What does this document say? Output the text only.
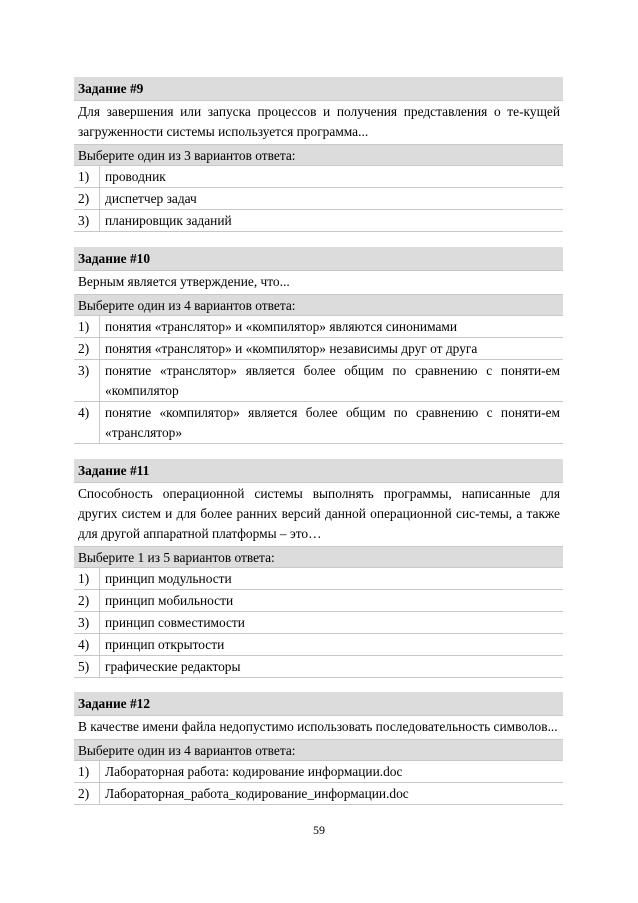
Задание #9
Для завершения или запуска процессов и получения представления о те-кущей загруженности системы используется программа...
Выберите один из 3 вариантов ответа:
1)	проводник
2)	диспетчер задач
3)	планировщик заданий
Задание #10
Верным является утверждение, что...
Выберите один из 4 вариантов ответа:
1)	понятия «транслятор» и «компилятор» являются синонимами
2)	понятия «транслятор» и «компилятор» независимы друг от друга
3)	понятие «транслятор» является более общим по сравнению с поняти-ем «компилятор
4)	понятие «компилятор» является более общим по сравнению с поняти-ем «транслятор»
Задание #11
Способность операционной системы выполнять программы, написанные для других систем и для более ранних версий данной операционной сис-темы, а также для другой аппаратной платформы – это…
Выберите 1 из 5 вариантов ответа:
1)	принцип модульности
2)	принцип мобильности
3)	принцип совместимости
4)	принцип открытости
5)	графические редакторы
Задание #12
В качестве имени файла недопустимо использовать последовательность символов...
Выберите один из 4 вариантов ответа:
1)	Лабораторная работа: кодирование информации.doc
2)	Лабораторная_работа_кодирование_информации.doc
59
